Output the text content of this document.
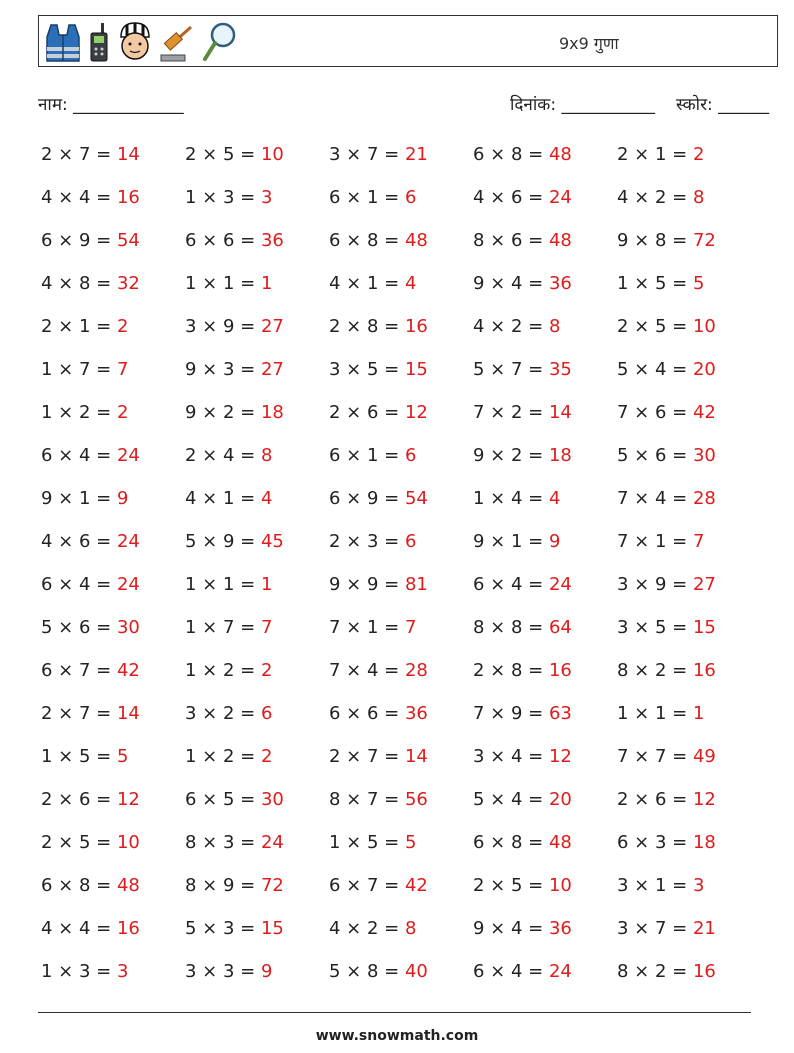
9x9 गुणा
नाम: _____________	दिनांक: ___________ स्कोर: ______
2 × 7 = 14	2 × 5 = 10	3 × 7 = 21	6 × 8 = 48	2 × 1 = 2
4 × 4 = 16	1 × 3 = 3	6 × 1 = 6	4 × 6 = 24	4 × 2 = 8
6 × 9 = 54	6 × 6 = 36	6 × 8 = 48	8 × 6 = 48	9 × 8 = 72
4 × 8 = 32	1 × 1 = 1	4 × 1 = 4	9 × 4 = 36	1 × 5 = 5
2 × 1 = 2	3 × 9 = 27	2 × 8 = 16	4 × 2 = 8	2 × 5 = 10
1 × 7 = 7	9 × 3 = 27	3 × 5 = 15	5 × 7 = 35	5 × 4 = 20
1 × 2 = 2	9 × 2 = 18	2 × 6 = 12	7 × 2 = 14	7 × 6 = 42
6 × 4 = 24	2 × 4 = 8	6 × 1 = 6	9 × 2 = 18	5 × 6 = 30
9 × 1 = 9	4 × 1 = 4	6 × 9 = 54	1 × 4 = 4	7 × 4 = 28
4 × 6 = 24	5 × 9 = 45	2 × 3 = 6	9 × 1 = 9	7 × 1 = 7
6 × 4 = 24	1 × 1 = 1	9 × 9 = 81	6 × 4 = 24	3 × 9 = 27
5 × 6 = 30	1 × 7 = 7	7 × 1 = 7	8 × 8 = 64	3 × 5 = 15
6 × 7 = 42	1 × 2 = 2	7 × 4 = 28	2 × 8 = 16	8 × 2 = 16
2 × 7 = 14	3 × 2 = 6	6 × 6 = 36	7 × 9 = 63	1 × 1 = 1
1 × 5 = 5	1 × 2 = 2	2 × 7 = 14	3 × 4 = 12	7 × 7 = 49
2 × 6 = 12	6 × 5 = 30	8 × 7 = 56	5 × 4 = 20	2 × 6 = 12
2 × 5 = 10	8 × 3 = 24	1 × 5 = 5	6 × 8 = 48	6 × 3 = 18
6 × 8 = 48	8 × 9 = 72	6 × 7 = 42	2 × 5 = 10	3 × 1 = 3
4 × 4 = 16	5 × 3 = 15	4 × 2 = 8	9 × 4 = 36	3 × 7 = 21
1 × 3 = 3	3 × 3 = 9	5 × 8 = 40	6 × 4 = 24	8 × 2 = 16
www.snowmath.com
